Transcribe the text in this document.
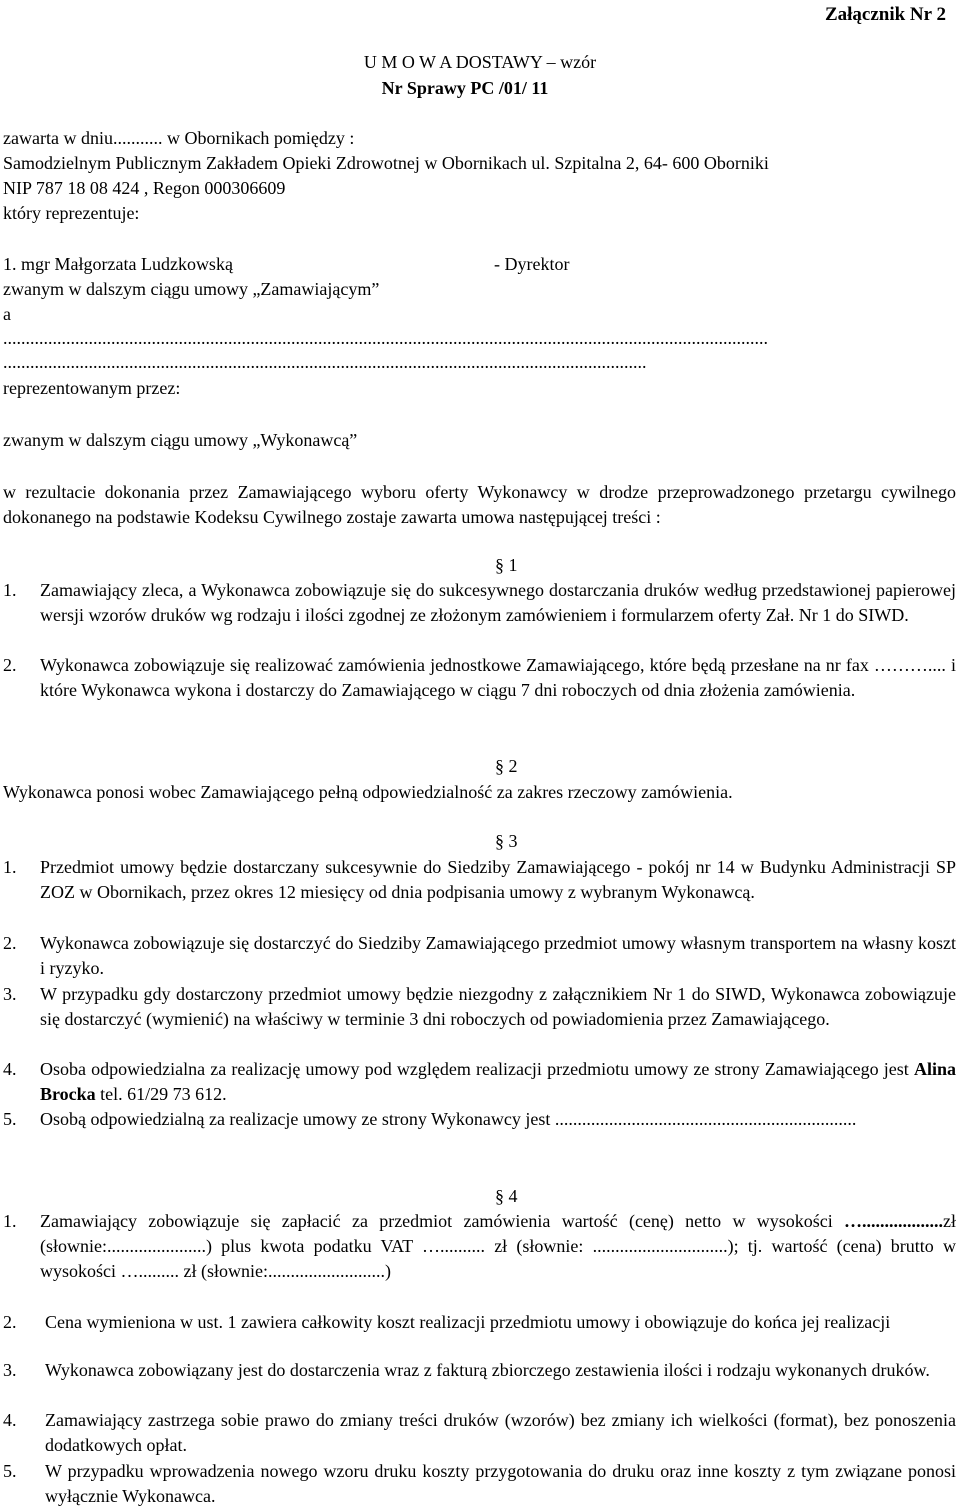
Załącznik Nr 2
U M O W A DOSTAWY – wzór
Nr Sprawy PC /01/ 11
zawarta w dniu........... w Obornikach pomiędzy :
Samodzielnym Publicznym Zakładem Opieki Zdrowotnej w Obornikach ul. Szpitalna 2, 64- 600 Oborniki
NIP 787 18 08 424 , Regon 000306609
który reprezentuje:
1. mgr Małgorzata Ludzkowską	- Dyrektor
zwanym w dalszym ciągu umowy „Zamawiającym”
a
..........................................................................................................................................................................
...............................................................................................................................................
reprezentowanym przez:
zwanym w dalszym ciągu umowy „Wykonawcą”
w rezultacie dokonania przez Zamawiającego wyboru oferty Wykonawcy w drodze przeprowadzonego przetargu cywilnego dokonanego na podstawie Kodeksu Cywilnego zostaje zawarta umowa następującej treści :
§ 1
1. Zamawiający zleca, a Wykonawca zobowiązuje się do sukcesywnego dostarczania druków według przedstawionej papierowej wersji wzorów druków wg rodzaju i ilości zgodnej ze złożonym zamówieniem i formularzem oferty Zał. Nr 1 do SIWD.
2. Wykonawca zobowiązuje się realizować zamówienia jednostkowe Zamawiającego, które będą przesłane na nr fax ……….... i które Wykonawca wykona i dostarczy do Zamawiającego w ciągu 7 dni roboczych od dnia złożenia zamówienia.
§ 2
Wykonawca ponosi wobec Zamawiającego pełną odpowiedzialność za zakres rzeczowy zamówienia.
§ 3
1. Przedmiot umowy będzie dostarczany sukcesywnie do Siedziby Zamawiającego - pokój nr 14 w Budynku Administracji SP ZOZ w Obornikach, przez okres 12 miesięcy od dnia podpisania umowy z wybranym Wykonawcą.
2. Wykonawca zobowiązuje się dostarczyć do Siedziby Zamawiającego przedmiot umowy własnym transportem na własny koszt i ryzyko.
3. W przypadku gdy dostarczony przedmiot umowy będzie niezgodny z załącznikiem Nr 1 do SIWD, Wykonawca zobowiązuje się dostarczyć (wymienić) na właściwy w terminie 3 dni roboczych od powiadomienia przez Zamawiającego.
4. Osoba odpowiedzialna za realizację umowy pod względem realizacji przedmiotu umowy ze strony Zamawiającego jest Alina Brocka tel. 61/29 73 612.
5. Osobą odpowiedzialną za realizacje umowy ze strony Wykonawcy jest ...................................................................
§ 4
1. Zamawiający zobowiązuje się zapłacić za przedmiot zamówienia wartość (cenę) netto w wysokości …..................zł (słownie:......................) plus kwota podatku VAT ….......... zł (słownie: ..............................); tj. wartość (cena) brutto w wysokości …......... zł (słownie:..........................)
2. Cena wymieniona w ust. 1 zawiera całkowity koszt realizacji przedmiotu umowy i obowiązuje do końca jej realizacji
3. Wykonawca zobowiązany jest do dostarczenia wraz z fakturą zbiorczego zestawienia ilości i rodzaju wykonanych druków.
4. Zamawiający zastrzega sobie prawo do zmiany treści druków (wzorów) bez zmiany ich wielkości (format), bez ponoszenia dodatkowych opłat.
5. W przypadku wprowadzenia nowego wzoru druku koszty przygotowania do druku oraz inne koszty z tym związane ponosi wyłącznie Wykonawca.
